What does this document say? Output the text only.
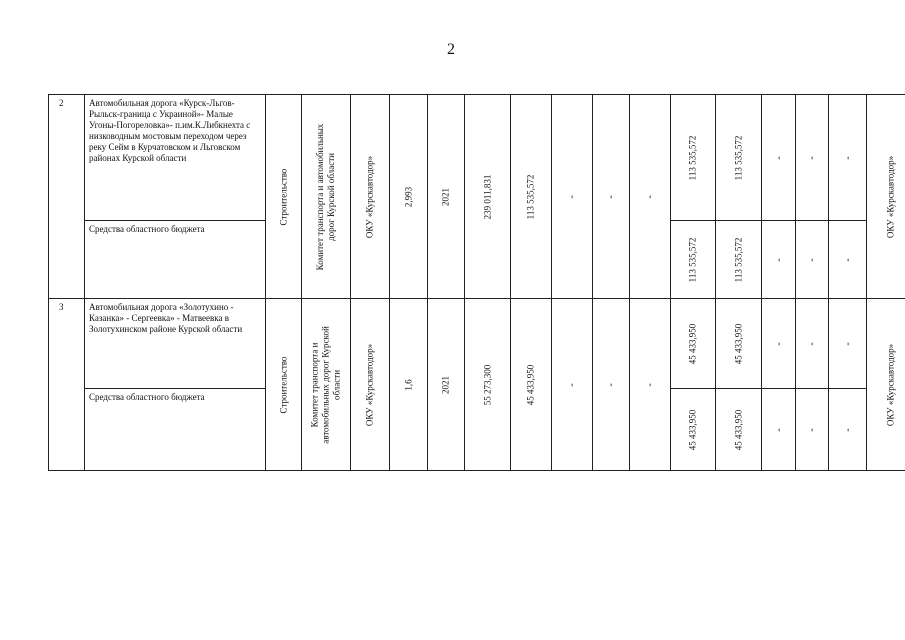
2
2	Автомобильная дорога «Курск-Льгов-Рыльск-граница с Украиной»- Малые Угоны-Погореловка»- п.им.К.Либкнехта с низководным мостовым переходом через реку Сейм в Курчатовском и Льговском районах Курской области	Строительство	Комитет транспорта и автомобильных дорог Курской области	ОКУ «Курскавтодор»	2,993	2021	239 011,831	113 535,572	-	-	-	113 535,572	113 535,572	-	-	-	ОКУ «Курскавтодор»

	Средства областного бюджета											113 535,572	113 535,572	-	-	-	

3	Автомобильная дорога «Золотухино - Казанка» - Сергеевка» - Матвеевка в Золотухинском районе Курской области	Строительство	Комитет транспорта и автомобильных дорог Курской области	ОКУ «Курскавтодор»	1,6	2021	55 273,300	45 433,950	-	-	-	45 433,950	45 433,950	-	-	-	ОКУ «Курскавтодор»

	Средства областного бюджета											45 433,950	45 433,950	-	-	-	
